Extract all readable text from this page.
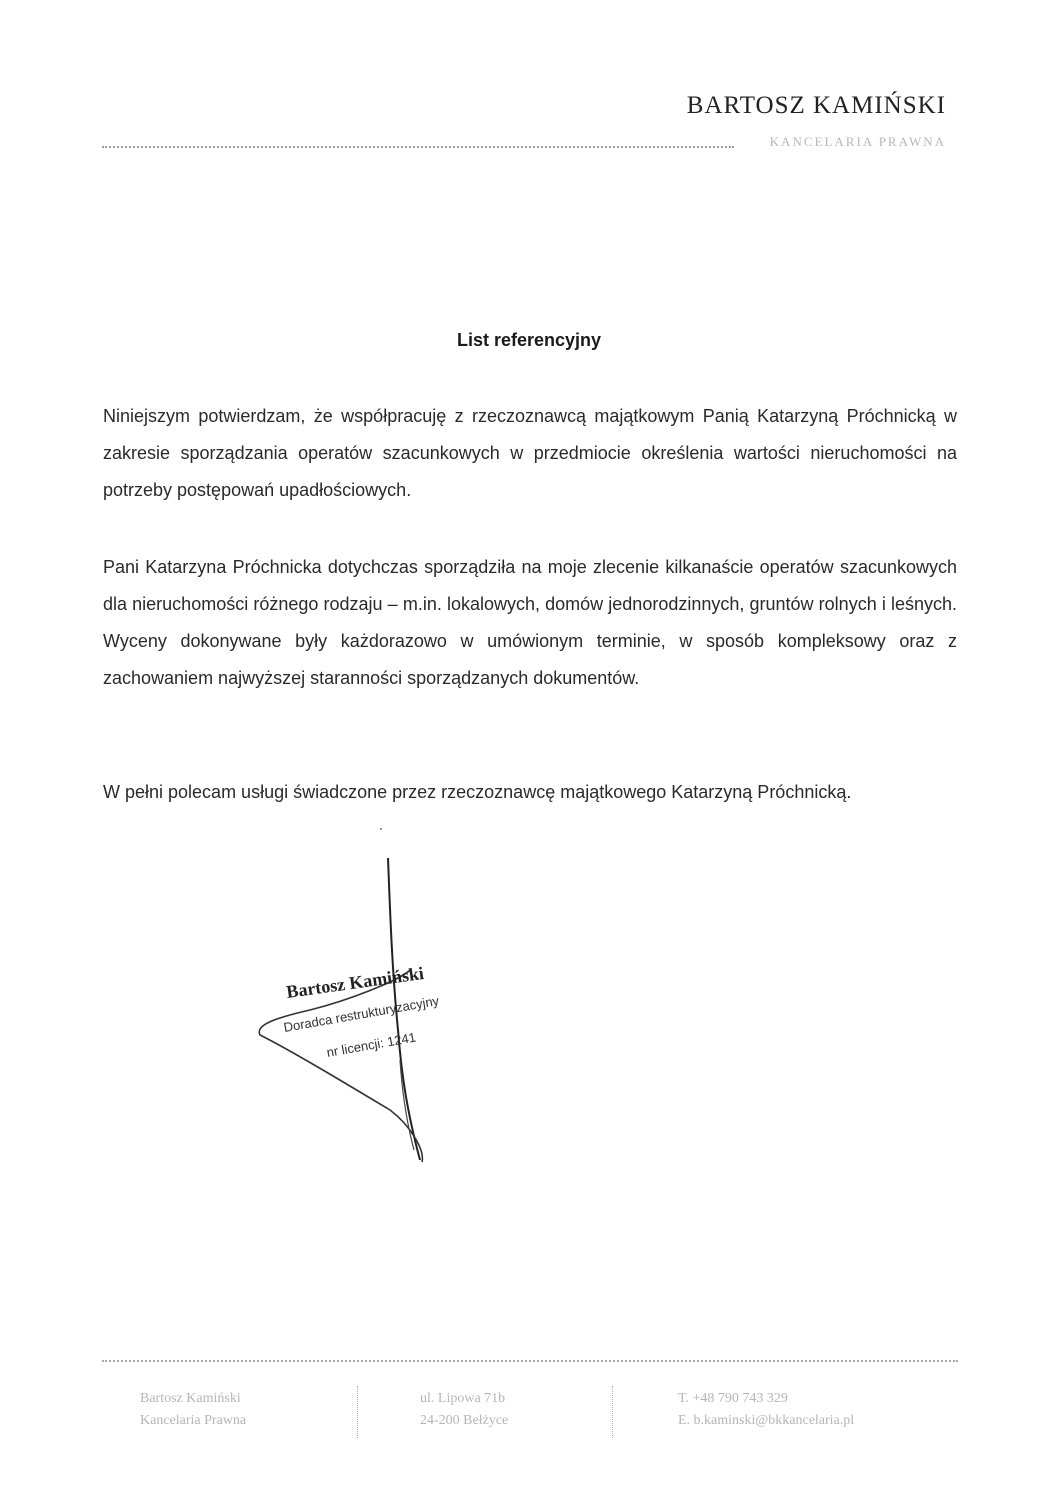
BARTOSZ KAMIŃSKI
KANCELARIA PRAWNA
List referencyjny

Niniejszym potwierdzam, że współpracuję z rzeczoznawcą majątkowym Panią Katarzyną Próchnicką w zakresie sporządzania operatów szacunkowych w przedmiocie określenia wartości nieruchomości na potrzeby postępowań upadłościowych.

Pani Katarzyna Próchnicka dotychczas sporządziła na moje zlecenie kilkanaście operatów szacunkowych dla nieruchomości różnego rodzaju – m.in. lokalowych, domów jednorodzinnych, gruntów rolnych i leśnych. Wyceny dokonywane były każdorazowo w umówionym terminie, w sposób kompleksowy oraz z zachowaniem najwyższej staranności sporządzanych dokumentów.

W pełni polecam usługi świadczone przez rzeczoznawcę majątkowego Katarzyną Próchnicką.

Bartosz Kamiński
Doradca restrukturyzacyjny
nr licencji: 1241
Bartosz Kamiński
Kancelaria Prawna
ul. Lipowa 71b
24-200 Bełżyce
T. +48 790 743 329
E. b.kaminski@bkkancelaria.pl
